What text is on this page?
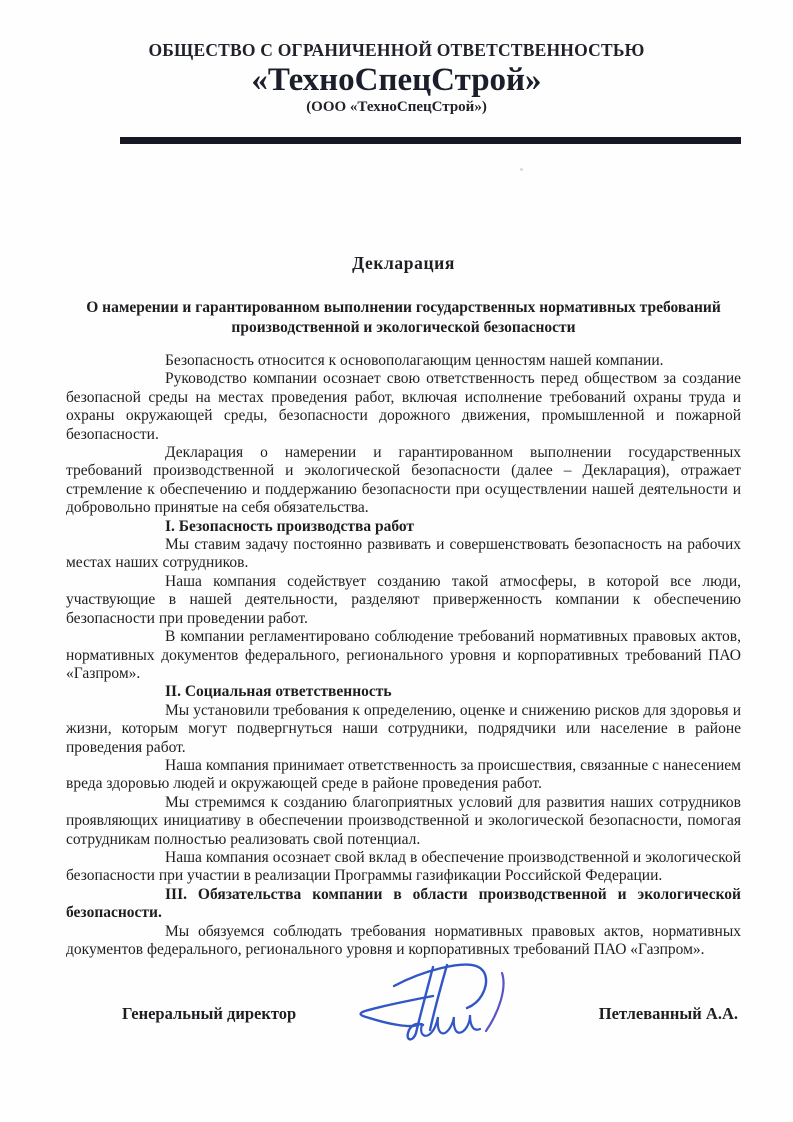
ОБЩЕСТВО С ОГРАНИЧЕННОЙ ОТВЕТСТВЕННОСТЬЮ
«ТехноСпецСтрой»
(ООО «ТехноСпецСтрой»)
Декларация
О намерении и гарантированном выполнении государственных нормативных требований производственной и экологической безопасности
Безопасность относится к основополагающим ценностям нашей компании.
Руководство компании осознает свою ответственность перед обществом за создание безопасной среды на местах проведения работ, включая исполнение требований охраны труда и охраны окружающей среды, безопасности дорожного движения, промышленной и пожарной безопасности.
Декларация о намерении и гарантированном выполнении государственных требований производственной и экологической безопасности (далее – Декларация), отражает стремление к обеспечению и поддержанию безопасности при осуществлении нашей деятельности и добровольно принятые на себя обязательства.
I. Безопасность производства работ
Мы ставим задачу постоянно развивать и совершенствовать безопасность на рабочих местах наших сотрудников.
Наша компания содействует созданию такой атмосферы, в которой все люди, участвующие в нашей деятельности, разделяют приверженность компании к обеспечению безопасности при проведении работ.
В компании регламентировано соблюдение требований нормативных правовых актов, нормативных документов федерального, регионального уровня и корпоративных требований ПАО «Газпром».
II. Социальная ответственность
Мы установили требования к определению, оценке и снижению рисков для здоровья и жизни, которым могут подвергнуться наши сотрудники, подрядчики или население в районе проведения работ.
Наша компания принимает ответственность за происшествия, связанные с нанесением вреда здоровью людей и окружающей среде в районе проведения работ.
Мы стремимся к созданию благоприятных условий для развития наших сотрудников проявляющих инициативу в обеспечении производственной и экологической безопасности, помогая сотрудникам полностью реализовать свой потенциал.
Наша компания осознает свой вклад в обеспечение производственной и экологической безопасности при участии в реализации Программы газификации Российской Федерации.
III. Обязательства компании в области производственной и экологической безопасности.
Мы обязуемся соблюдать требования нормативных правовых актов, нормативных документов федерального, регионального уровня и корпоративных требований ПАО «Газпром».
Генеральный директор	Петлеванный А.А.
